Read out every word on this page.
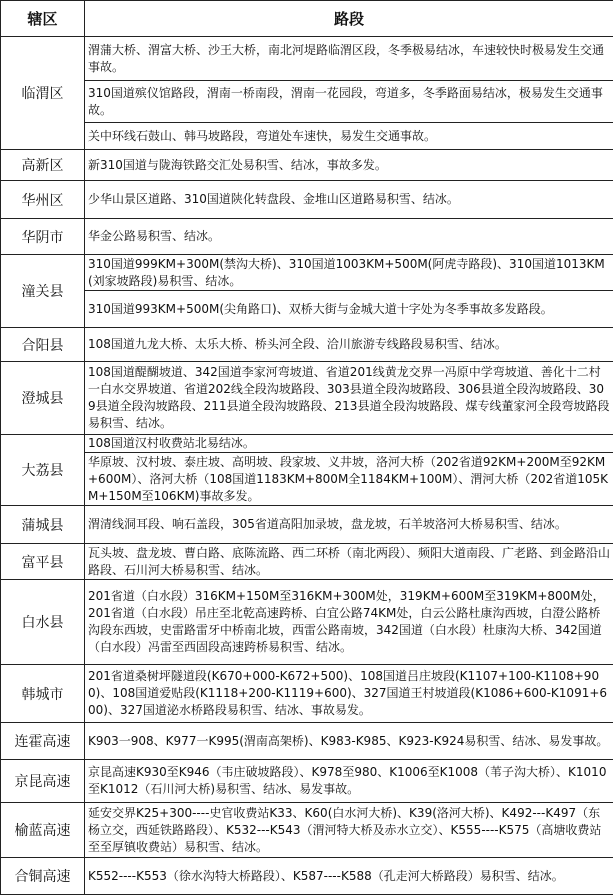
辖区	路段
临渭区	渭蒲大桥、渭富大桥、沙王大桥，南北河堤路临渭区段，冬季极易结冰，车速较快时极易发生交通事故。
	310国道殡仪馆路段，渭南一桥南段，渭南一花园段，弯道多，冬季路面易结冰，极易发生交通事故。
	关中环线石鼓山、韩马坡路段，弯道处车速快，易发生交通事故。
高新区	新310国道与陇海铁路交汇处易积雪、结冰，事故多发。
华州区	少华山景区道路、310国道陕化转盘段、金堆山区道路易积雪、结冰。
华阴市	华金公路易积雪、结冰。
潼关县	310国道999KM+300M(禁沟大桥)、310国道1003KM+500M(阿虎寺路段)、310国道1013KM(刘家坡路段)易积雪、结冰。
	310国道993KM+500M(尖角路口)、双桥大街与金城大道十字处为冬季事故多发路段。
合阳县	108国道九龙大桥、太乐大桥、桥头河全段、洽川旅游专线路段易积雪、结冰。
澄城县	108国道醍醐坡道、342国道李家河弯坡道、省道201线黄龙交界一冯原中学弯坡道、善化十二村一白水交界坡道、省道202线全段沟坡路段、303县道全段沟坡路段、306县道全段沟坡路段、309县道全段沟坡路段、211县道全段沟坡路段、213县道全段沟坡路段、煤专线董家河全段弯坡路段易积雪、结冰。
大荔县	108国道汉村收费站北易结冰。
	华原坡、汉村坡、泰庄坡、高明坡、段家坡、义井坡，洛河大桥（202省道92KM+200M至92KM+600M）、洛河大桥（108国道1183KM+800M全1184KM+100M）、渭河大桥（202省道105KM+150M至106KM)事故多发。
蒲城县	渭清线洞耳段、响石盖段，305省道高阳加录坡，盘龙坡，石羊坡洛河大桥易积雪、结冰。
富平县	瓦头坡、盘龙坡、曹白路、底陈流路、西二环桥（南北两段）、频阳大道南段、广老路、到金路沿山路段、石川河大桥易积雪、结冰。
白水县	201省道（白水段）316KM+150M至316KM+300M处，319KM+600M至319KM+800M处，201省道（白水段）吊庄至北乾高速跨桥、白宜公路74KM处，白云公路杜康沟西坡，白澄公路桥沟段东西坡，史雷路雷牙中桥南北坡，西雷公路南坡，342国道（白水段）杜康沟大桥、342国道（白水段）冯雷至西固段高速跨桥易积雪、结冰。
韩城市	201省道桑树坪隧道段(K670+000-K672+500)、108国道吕庄坡段(K1107+100-K1108+900)、108国道爱贴段(K1118+200-K1119+600)、327国道王村坡道段(K1086+600-K1091+600)、327国道泌水桥路段易积雪、结冰、事故易发。
连霍高速	K903一908、K977一K995(渭南高架桥)、K983-K985、K923-K924易积雪、结冰、易发事故。
京昆高速	京昆高速K930至K946（韦庄破坡路段）、K978至980、K1006至K1008（苇子沟大桥）、K1010至K1012（石川河大桥)易积雪、结冰、易发事故。
榆蓝高速	延安交界K25+300----史官收费站K33、K60(白水河大桥)、K39(洛河大桥)、K492---K497（东杨立交，西延铁路路段）、K532---K543（渭河特大桥及赤水立交）、K555----K575（高塘收费站至至厚镇收费站）易积雪、结冰。
合铜高速	K552----K553（徐水沟特大桥路段）、K587----K588（孔走河大桥路段）易积雪、结冰。
